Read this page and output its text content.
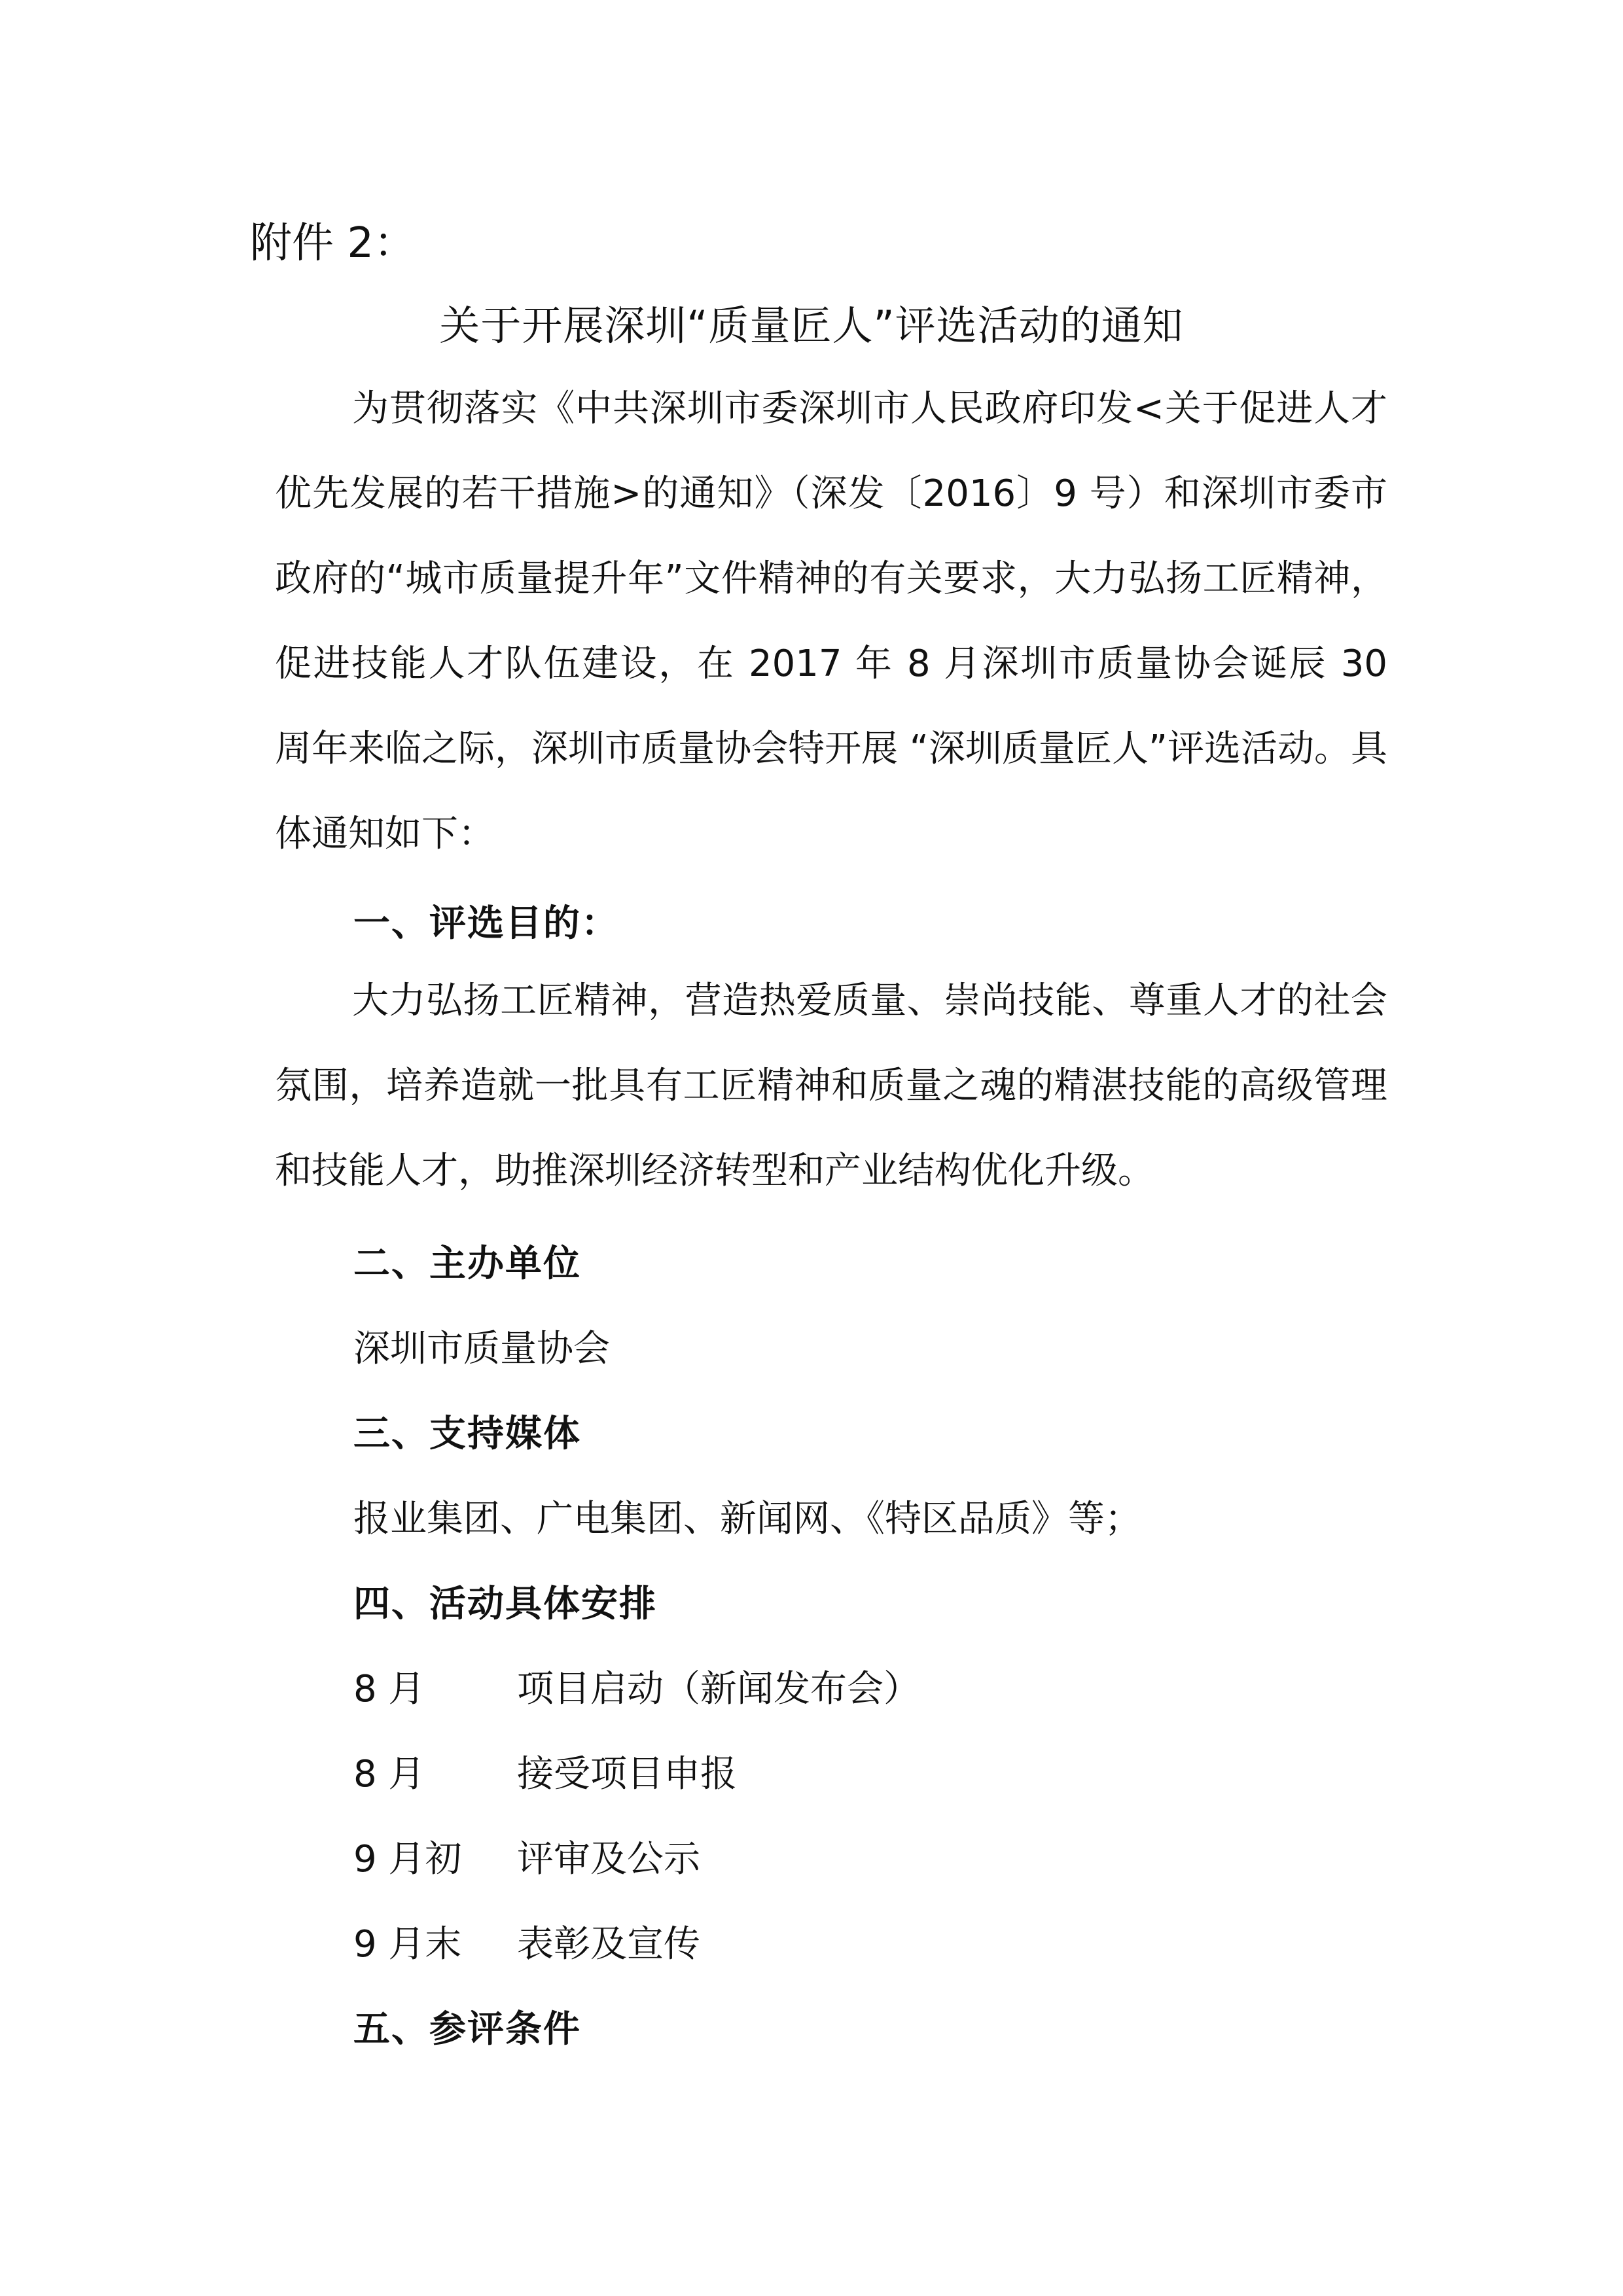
附件 2：
关于开展深圳“质量匠人”评选活动的通知
为贯彻落实《中共深圳市委深圳市人民政府印发<关于促进人才优先发展的若干措施>的通知》（深发〔2016〕9 号）和深圳市委市政府的“城市质量提升年”文件精神的有关要求，大力弘扬工匠精神，促进技能人才队伍建设，在 2017 年 8 月深圳市质量协会诞辰 30 周年来临之际，深圳市质量协会特开展 “深圳质量匠人”评选活动。具体通知如下：
一、评选目的：
大力弘扬工匠精神，营造热爱质量、崇尚技能、尊重人才的社会氛围，培养造就一批具有工匠精神和质量之魂的精湛技能的高级管理和技能人才，助推深圳经济转型和产业结构优化升级。
二、主办单位
深圳市质量协会
三、支持媒体
报业集团、广电集团、新闻网、《特区品质》等；
四、活动具体安排
8 月	项目启动（新闻发布会）
8 月	接受项目申报
9 月初 评审及公示
9 月末 表彰及宣传
五、参评条件
